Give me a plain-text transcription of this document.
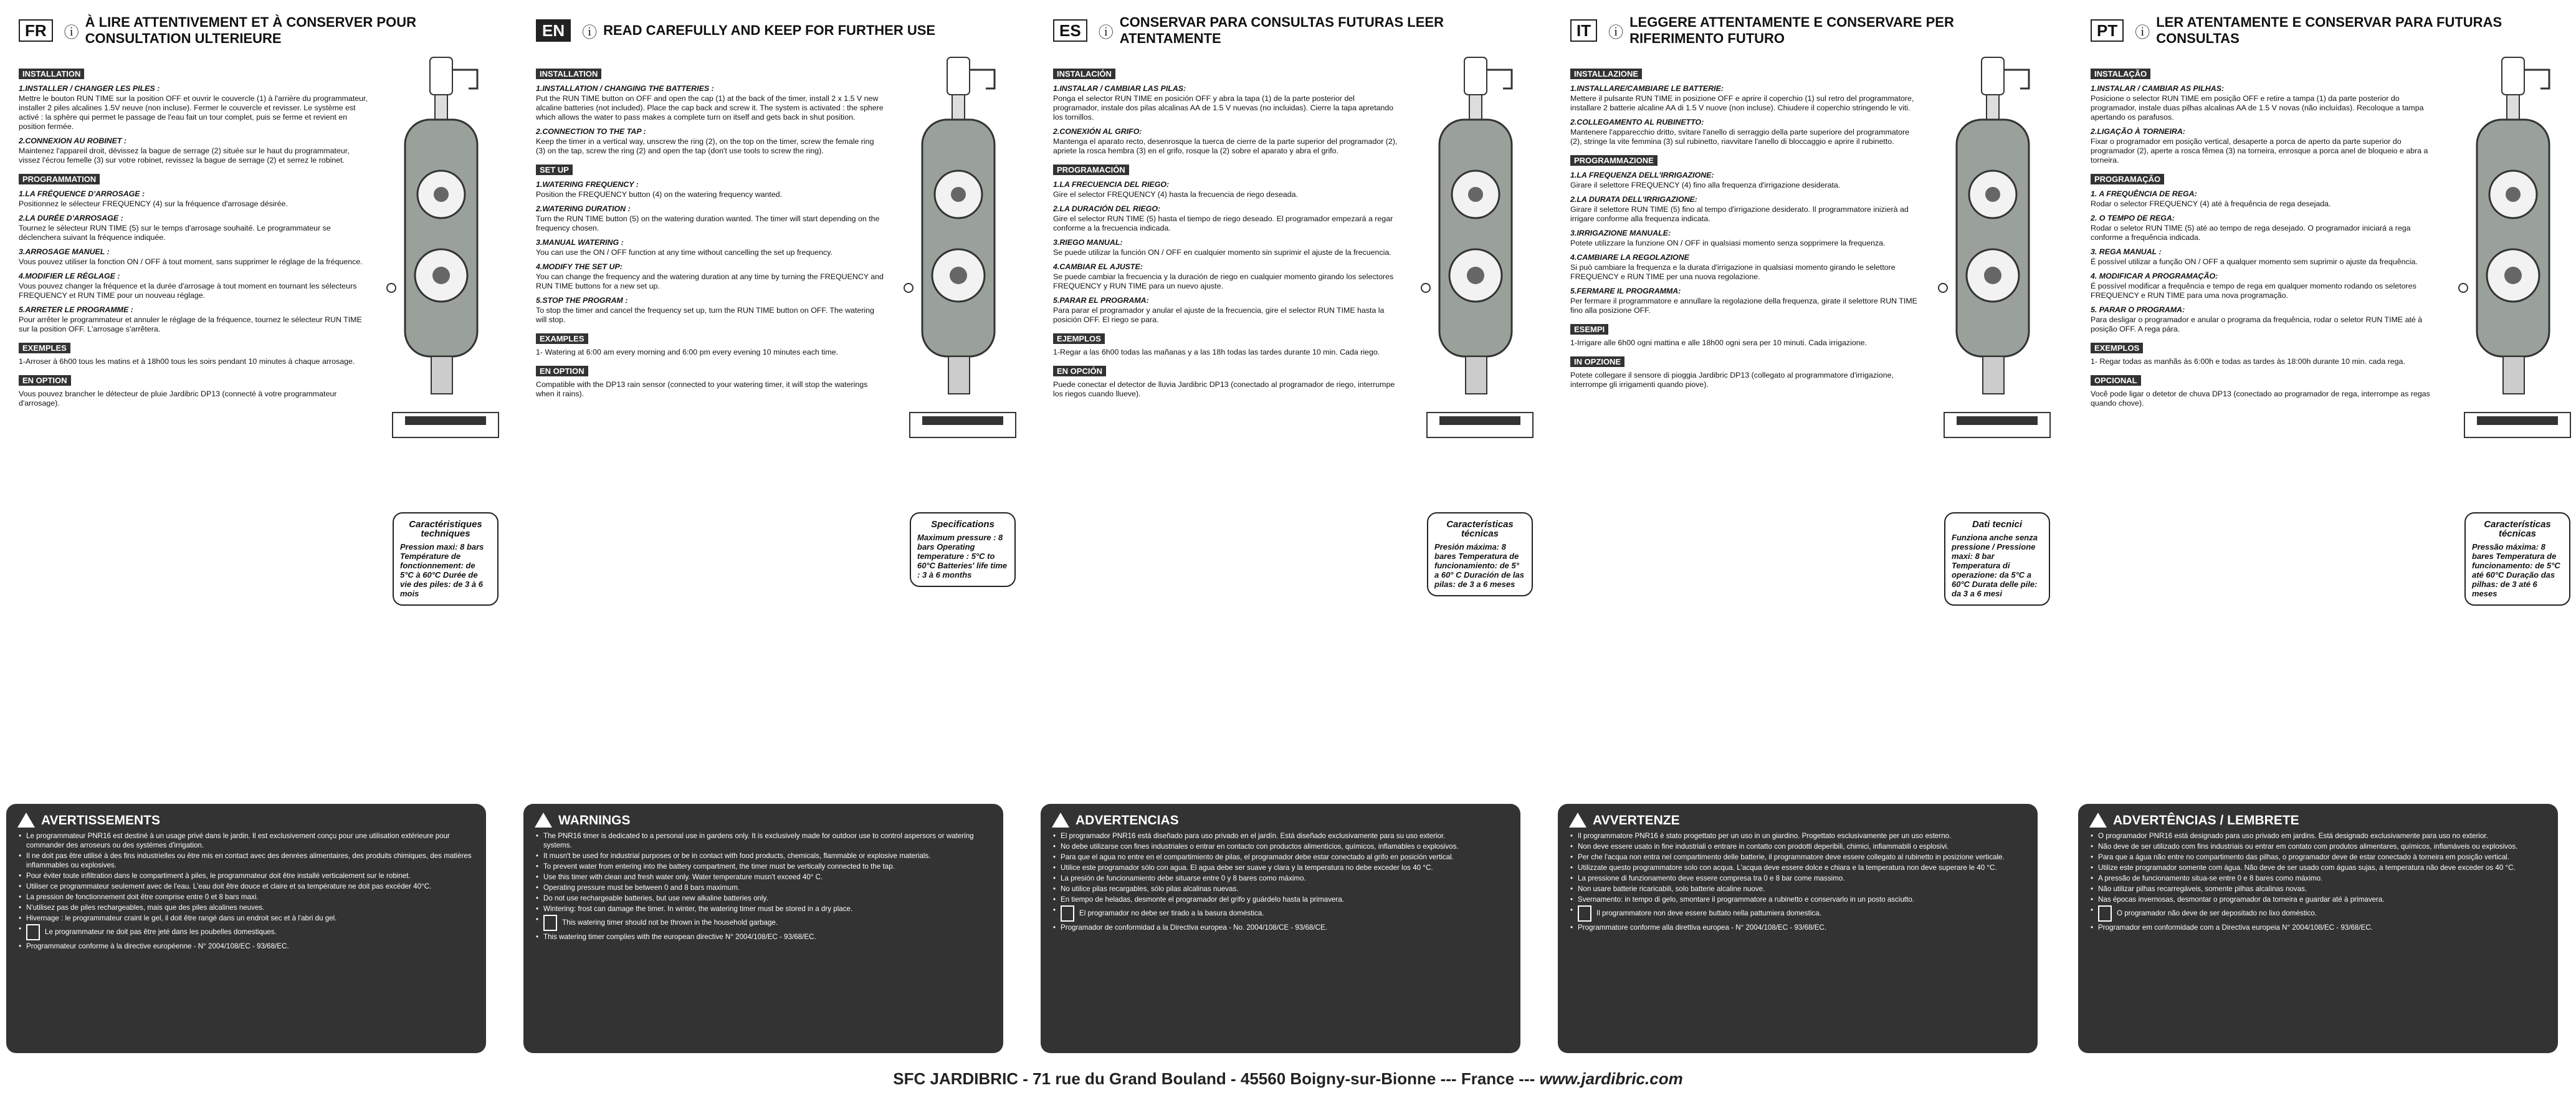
FR	ⓘ
À LIRE ATTENTIVEMENT ET À CONSERVER POUR CONSULTATION ULTERIEURE
INSTALLATION
1.INSTALLER / CHANGER LES PILES :
Mettre le bouton RUN TIME sur la position OFF et ouvrir le couvercle (1) à l'arrière du programmateur, installer 2 piles alcalines 1.5V neuve (non incluse). Fermer le couvercle et revisser. Le système est activé : la sphère qui permet le passage de l'eau fait un tour complet, puis se ferme et revient en position fermée.
2.CONNEXION AU ROBINET :
Maintenez l'appareil droit, dévissez la bague de serrage (2) située sur le haut du programmateur, vissez l'écrou femelle (3) sur votre robinet, revissez la bague de serrage (2) et serrez le robinet.
PROGRAMMATION
1.LA FRÉQUENCE D'ARROSAGE :
Positionnez le sélecteur FREQUENCY (4) sur la fréquence d'arrosage désirée.
2.LA DURÉE D'ARROSAGE :
Tournez le sélecteur RUN TIME (5) sur le temps d'arrosage souhaité. Le programmateur se déclenchera suivant la fréquence indiquée.
3.ARROSAGE MANUEL :
Vous pouvez utiliser la fonction ON / OFF à tout moment, sans supprimer le réglage de la fréquence.
4.MODIFIER LE RÉGLAGE :
Vous pouvez changer la fréquence et la durée d'arrosage à tout moment en tournant les sélecteurs FREQUENCY et RUN TIME pour un nouveau réglage.
5.ARRETER LE PROGRAMME :
Pour arrêter le programmateur et annuler le réglage de la fréquence, tournez le sélecteur RUN TIME sur la position OFF. L'arrosage s'arrêtera.
EXEMPLES
1-Arroser à 6h00 tous les matins et à 18h00 tous les soirs pendant 10 minutes à chaque arrosage.
EN OPTION
Vous pouvez brancher le détecteur de pluie Jardibric DP13 (connecté à votre programmateur d'arrosage).
Caractéristiques techniques
Pression maxi: 8 bars Température de fonctionnement: de 5°C à 60°C Durée de vie des piles: de 3 à 6 mois
EN	ⓘ READ CAREFULLY AND KEEP FOR FURTHER USE
INSTALLATION
1.INSTALLATION / CHANGING THE BATTERIES :
Put the RUN TIME button on OFF and open the cap (1) at the back of the timer, install 2 x 1.5 V new alcaline batteries (not included). Place the cap back and screw it. The system is activated : the sphere which allows the water to pass makes a complete turn on itself and gets back in shut position.
2.CONNECTION TO THE TAP :
Keep the timer in a vertical way, unscrew the ring (2), on the top on the timer, screw the female ring (3) on the tap, screw the ring (2) and open the tap (don't use tools to screw the ring).
SET UP
1.WATERING FREQUENCY :
Position the FREQUENCY button (4) on the watering frequency wanted.
2.WATERING DURATION :
Turn the RUN TIME button (5) on the watering duration wanted. The timer will start depending on the frequency chosen.
3.MANUAL WATERING :
You can use the ON / OFF function at any time without cancelling the set up frequency.
4.MODIFY THE SET UP:
You can change the frequency and the watering duration at any time by turning the FREQUENCY and RUN TIME buttons for a new set up.
5.STOP THE PROGRAM :
To stop the timer and cancel the frequency set up, turn the RUN TIME button on OFF. The watering will stop.
EXAMPLES
1- Watering at 6:00 am every morning and 6:00 pm every evening 10 minutes each time.
EN OPTION
Compatible with the DP13 rain sensor (connected to your watering timer, it will stop the waterings when it rains).
Specifications
Maximum pressure : 8 bars Operating temperature : 5°C to 60°C Batteries' life time : 3 à 6 months
ES	ⓘ
CONSERVAR PARA CONSULTAS FUTURAS LEER ATENTAMENTE
INSTALACIÓN
1.INSTALAR / CAMBIAR LAS PILAS:
Ponga el selector RUN TIME en posición OFF y abra la tapa (1) de la parte posterior del programador, instale dos pilas alcalinas AA de 1.5 V nuevas (no incluidas). Cierre la tapa apretando los tornillos.
2.CONEXIÓN AL GRIFO:
Mantenga el aparato recto, desenrosque la tuerca de cierre de la parte superior del programador (2), apriete la rosca hembra (3) en el grifo, rosque la (2) sobre el aparato y abra el grifo.
PROGRAMACIÓN
1.LA FRECUENCIA DEL RIEGO:
Gire el selector FREQUENCY (4) hasta la frecuencia de riego deseada.
2.LA DURACIÓN DEL RIEGO:
Gire el selector RUN TIME (5) hasta el tiempo de riego deseado. El programador empezará a regar conforme a la frecuencia indicada.
3.RIEGO MANUAL:
Se puede utilizar la función ON / OFF en cualquier momento sin suprimir el ajuste de la frecuencia.
4.CAMBIAR EL AJUSTE:
Se puede cambiar la frecuencia y la duración de riego en cualquier momento girando los selectores FREQUENCY y RUN TIME para un nuevo ajuste.
5.PARAR EL PROGRAMA:
Para parar el programador y anular el ajuste de la frecuencia, gire el selector RUN TIME hasta la posición OFF. El riego se para.
EJEMPLOS
1-Regar a las 6h00 todas las mañanas y a las 18h todas las tardes durante 10 min. Cada riego.
EN OPCIÓN
Puede conectar el detector de lluvia Jardibric DP13 (conectado al programador de riego, interrumpe los riegos cuando llueve).
Características técnicas
Presión máxima: 8 bares Temperatura de funcionamiento: de 5° a 60° C Duración de las pilas: de 3 a 6 meses
IT	ⓘ
LEGGERE ATTENTAMENTE E CONSERVARE PER RIFERIMENTO FUTURO
INSTALLAZIONE
1.INSTALLARE/CAMBIARE LE BATTERIE:
Mettere il pulsante RUN TIME in posizione OFF e aprire il coperchio (1) sul retro del programmatore, installare 2 batterie alcaline AA di 1.5 V nuove (non incluse). Chiudere il coperchio stringendo le viti.
2.COLLEGAMENTO AL RUBINETTO:
Mantenere l'apparecchio dritto, svitare l'anello di serraggio della parte superiore del programmatore (2), stringe la vite femmina (3) sul rubinetto, riavvitare l'anello di bloccaggio e aprire il rubinetto.
PROGRAMMAZIONE
1.LA FREQUENZA DELL'IRRIGAZIONE:
Girare il selettore FREQUENCY (4) fino alla frequenza d'irrigazione desiderata.
2.LA DURATA DELL'IRRIGAZIONE:
Girare il selettore RUN TIME (5) fino al tempo d'irrigazione desiderato. Il programmatore inizierà ad irrigare conforme alla frequenza indicata.
3.IRRIGAZIONE MANUALE:
Potete utilizzare la funzione ON / OFF in qualsiasi momento senza sopprimere la frequenza.
4.CAMBIARE LA REGOLAZIONE
Si può cambiare la frequenza e la durata d'irrigazione in qualsiasi momento girando le selettore FREQUENCY e RUN TIME per una nuova regolazione.
5.FERMARE IL PROGRAMMA:
Per fermare il programmatore e annullare la regolazione della frequenza, girate il selettore RUN TIME fino alla posizione OFF.
ESEMPI
1-Irrigare alle 6h00 ogni mattina e alle 18h00 ogni sera per 10 minuti. Cada irrigazione.
IN OPZIONE
Potete collegare il sensore di pioggia Jardibric DP13 (collegato al programmatore d'irrigazione, interrompe gli irrigamenti quando piove).
Dati tecnici
Funziona anche senza pressione / Pressione maxi: 8 bar Temperatura di operazione: da 5°C a 60°C Durata delle pile: da 3 a 6 mesi
PT	ⓘ
LER ATENTAMENTE E CONSERVAR PARA FUTURAS CONSULTAS
INSTALAÇÃO
1.INSTALAR / CAMBIAR AS PILHAS:
Posicione o selector RUN TIME em posição OFF e retire a tampa (1) da parte posterior do programador, instale duas pilhas alcalinas AA de 1.5 V novas (não incluídas). Recoloque a tampa apertando os parafusos.
2.LIGAÇÃO À TORNEIRA:
Fixar o programador em posição vertical, desaperte a porca de aperto da parte superior do programador (2), aperte a rosca fêmea (3) na torneira, enrosque a porca anel de bloqueio e abra a torneira.
PROGRAMAÇÃO
1. A FREQUÊNCIA DE REGA:
Rodar o selector FREQUENCY (4) até à frequência de rega desejada.
2. O TEMPO DE REGA:
Rodar o seletor RUN TIME (5) até ao tempo de rega desejado. O programador iniciará a rega conforme a frequência indicada.
3. REGA MANUAL :
É possível utilizar a função ON / OFF a qualquer momento sem suprimir o ajuste da frequência.
4. MODIFICAR A PROGRAMAÇÃO:
É possível modificar a frequência e tempo de rega em qualquer momento rodando os seletores FREQUENCY e RUN TIME para uma nova programação.
5. PARAR O PROGRAMA:
Para desligar o programador e anular o programa da frequência, rodar o seletor RUN TIME até à posição OFF. A rega pára.
EXEMPLOS
1- Regar todas as manhãs às 6:00h e todas as tardes às 18:00h durante 10 min. cada rega.
OPCIONAL
Você pode ligar o detetor de chuva DP13 (conectado ao programador de rega, interrompe as regas quando chove).
Características técnicas
Pressão máxima: 8 bares Temperatura de funcionamento: de 5°C até 60°C Duração das pilhas: de 3 até 6 meses
SFC JARDIBRIC - 71 rue du Grand Bouland - 45560 Boigny-sur-Bionne --- France --- www.jardibric.com
AVERTISSEMENTS
• Le programmateur PNR16 est destiné à un usage privé dans le jardin. Il est exclusivement conçu pour une utilisation extérieure pour commander des arroseurs ou des systèmes d'irrigation.
• Il ne doit pas être utilisé à des fins industrielles ou être mis en contact avec des denrées alimentaires, des produits chimiques, des matières inflammables ou explosives.
• Pour éviter toute infiltration dans le compartiment à piles, le programmateur doit être installé verticalement sur le robinet.
• Utiliser ce programmateur seulement avec de l'eau. L'eau doit être douce et claire et sa température ne doit pas excéder 40°C.
• La pression de fonctionnement doit être comprise entre 0 et 8 bars maxi.
• N'utilisez pas de piles rechargeables, mais que des piles alcalines neuves.
• Hivernage : le programmateur craint le gel, il doit être rangé dans un endroit sec et à l'abri du gel.
• Le programmateur ne doit pas être jeté dans les poubelles domestiques.
• Programmateur conforme à la directive européenne - N° 2004/108/EC - 93/68/EC.
WARNINGS
• The PNR16 timer is dedicated to a personal use in gardens only. It is exclusively made for outdoor use to control aspersors or watering systems.
• It musn't be used for industrial purposes or be in contact with food products, chemicals, flammable or explosive materials.
• To prevent water from entering into the battery compartment, the timer must be vertically connected to the tap.
• Use this timer with clean and fresh water only. Water temperature musn't exceed 40° C.
• Operating pressure must be between 0 and 8 bars maximum.
• Do not use rechargeable batteries, but use new alkaline batteries only.
• Wintering: frost can damage the timer. In winter, the watering timer must be stored in a dry place.
• This watering timer should not be thrown in the household garbage.
• This watering timer complies with the european directive N° 2004/108/EC - 93/68/EC.
ADVERTENCIAS
• El programador PNR16 está diseñado para uso privado en el jardín. Está diseñado exclusivamente para su uso exterior.
• No debe utilizarse con fines industriales o entrar en contacto con productos alimenticios, químicos, inflamables o explosivos.
• Para que el agua no entre en el compartimiento de pilas, el programador debe estar conectado al grifo en posición vertical.
• Utilice este programador sólo con agua. El agua debe ser suave y clara y la temperatura no debe exceder los 40 °C.
• La presión de funcionamiento debe situarse entre 0 y 8 bares como máximo.
• No utilice pilas recargables, sólo pilas alcalinas nuevas.
• En tiempo de heladas, desmonte el programador del grifo y guárdelo hasta la primavera.
• El programador no debe ser tirado a la basura doméstica.
• Programador de conformidad a la Directiva europea - No. 2004/108/CE - 93/68/CE.
AVVERTENZE
• Il programmatore PNR16 è stato progettato per un uso in un giardino. Progettato esclusivamente per un uso esterno.
• Non deve essere usato in fine industriali o entrare in contatto con prodotti deperibili, chimici, infiammabili o esplosivi.
• Per che l'acqua non entra nel compartimento delle batterie, il programmatore deve essere collegato al rubinetto in posizione verticale.
• Utilizzate questo programmatore solo con acqua. L'acqua deve essere dolce e chiara e la temperatura non deve superare le 40 °C.
• La pressione di funzionamento deve essere compresa tra 0 e 8 bar come massimo.
• Non usare batterie ricaricabili, solo batterie alcaline nuove.
• Svernamento: in tempo di gelo, smontare il programmatore a rubinetto e conservarlo in un posto asciutto.
• Il programmatore non deve essere buttato nella pattumiera domestica.
• Programmatore conforme alla direttiva europea - N° 2004/108/EC - 93/68/EC.
ADVERTÊNCIAS / LEMBRETE
• O programador PNR16 está designado para uso privado em jardins. Está designado exclusivamente para uso no exterior.
• Não deve de ser utilizado com fins industriais ou entrar em contato com produtos alimentares, químicos, inflamáveis ou explosivos.
• Para que a água não entre no compartimento das pilhas, o programador deve de estar conectado à torneira em posição vertical.
• Utilize este programador somente com água. Não deve de ser usado com águas sujas, a temperatura não deve exceder os 40 °C.
• A pressão de funcionamento situa-se entre 0 e 8 bares como máximo.
• Não utilizar pilhas recarregáveis, somente pilhas alcalinas novas.
• Nas épocas invernosas, desmontar o programador da torneira e guardar até à primavera.
• O programador não deve de ser depositado no lixo doméstico.
• Programador em conformidade com a Directiva europeia N° 2004/108/EC - 93/68/EC.
